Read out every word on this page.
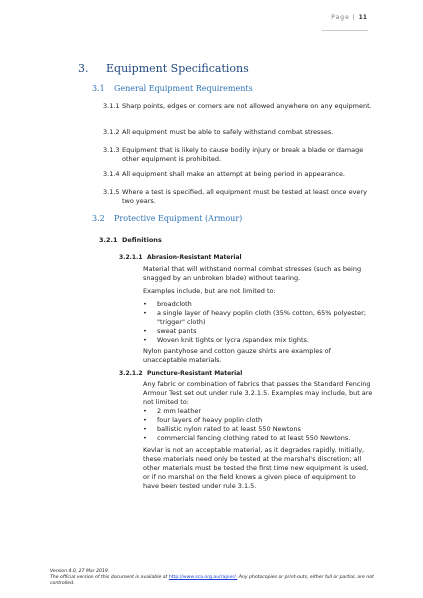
Page | 11
3. Equipment Specifications
3.1 General Equipment Requirements
3.1.1 Sharp points, edges or corners are not allowed anywhere on any equipment.
3.1.2 All equipment must be able to safely withstand combat stresses.
3.1.3 Equipment that is likely to cause bodily injury or break a blade or damage other equipment is prohibited.
3.1.4 All equipment shall make an attempt at being period in appearance.
3.1.5 Where a test is specified, all equipment must be tested at least once every two years.
3.2 Protective Equipment (Armour)
3.2.1 Definitions
3.2.1.1 Abrasion-Resistant Material
Material that will withstand normal combat stresses (such as being snagged by an unbroken blade) without tearing.
Examples include, but are not limited to:
• broadcloth
• a single layer of heavy poplin cloth (35% cotton, 65% polyester; "trigger" cloth)
• sweat pants
• Woven knit tights or lycra /spandex mix tights.
Nylon pantyhose and cotton gauze shirts are examples of unacceptable materials.
3.2.1.2 Puncture-Resistant Material
Any fabric or combination of fabrics that passes the Standard Fencing Armour Test set out under rule 3.2.1.5. Examples may include, but are not limited to:
• 2 mm leather
• four layers of heavy poplin cloth
• ballistic nylon rated to at least 550 Newtons
• commercial fencing clothing rated to at least 550 Newtons.
Kevlar is not an acceptable material, as it degrades rapidly. Initially, these materials need only be tested at the marshal's discretion; all other materials must be tested the first time new equipment is used, or if no marshal on the field knows a given piece of equipment to have been tested under rule 3.1.5.
Version 4.0, 27 Mar 2019.
The official version of this document is available at http://www.sca.org.au/rapier/. Any photocopies or print-outs, either full or partial, are not controlled.
